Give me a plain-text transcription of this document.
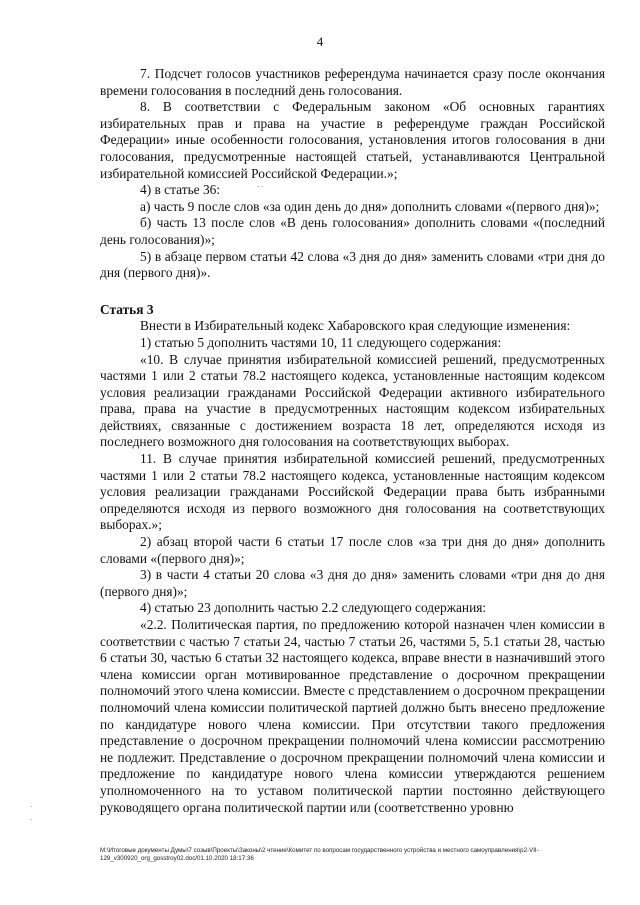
4

7. Подсчет голосов участников референдума начинается сразу после окончания времени голосования в последний день голосования.

8. В соответствии с Федеральным законом «Об основных гарантиях избирательных прав и права на участие в референдуме граждан Российской Федерации» иные особенности голосования, установления итогов голосования в дни голосования, предусмотренные настоящей статьей, устанавливаются Центральной избирательной комиссией Российской Федерации.»;

4) в статье 36:

а) часть 9 после слов «за один день до дня» дополнить словами «(первого дня)»;

б) часть 13 после слов «В день голосования» дополнить словами «(последний день голосования)»;

5) в абзаце первом статьи 42 слова «3 дня до дня» заменить словами «три дня до дня (первого дня)».

Статья 3

Внести в Избирательный кодекс Хабаровского края следующие изменения:

1) статью 5 дополнить частями 10, 11 следующего содержания:

«10. В случае принятия избирательной комиссией решений, предусмотренных частями 1 или 2 статьи 78.2 настоящего кодекса, установленные настоящим кодексом условия реализации гражданами Российской Федерации активного избирательного права, права на участие в предусмотренных настоящим кодексом избирательных действиях, связанные с достижением возраста 18 лет, определяются исходя из последнего возможного дня голосования на соответствующих выборах.

11. В случае принятия избирательной комиссией решений, предусмотренных частями 1 или 2 статьи 78.2 настоящего кодекса, установленные настоящим кодексом условия реализации гражданами Российской Федерации права быть избранными определяются исходя из первого возможного дня голосования на соответствующих выборах.»;

2) абзац второй части 6 статьи 17 после слов «за три дня до дня» дополнить словами «(первого дня)»;

3) в части 4 статьи 20 слова «3 дня до дня» заменить словами «три дня до дня (первого дня)»;

4) статью 23 дополнить частью 2.2 следующего содержания:

«2.2. Политическая партия, по предложению которой назначен член комиссии в соответствии с частью 7 статьи 24, частью 7 статьи 26, частями 5, 5.1 статьи 28, частью 6 статьи 30, частью 6 статьи 32 настоящего кодекса, вправе внести в назначивший этого члена комиссии орган мотивированное представление о досрочном прекращении полномочий этого члена комиссии. Вместе с представлением о досрочном прекращении полномочий члена комиссии политической партией должно быть внесено предложение по кандидатуре нового члена комиссии. При отсутствии такого предложения представление о досрочном прекращении полномочий члена комиссии рассмотрению не подлежит. Представление о досрочном прекращении полномочий члена комиссии и предложение по кандидатуре нового члена комиссии утверждаются решением уполномоченного на то уставом политической партии постоянно действующего руководящего органа политической партии или (соответственно уровню

· ·
·
·
M:\Итоговые документы Думы\7 созыв\Проекты\Законы\2 чтение\Комитет по вопросам государственного устройства и местного самоуправления\p2-VII-129_v300920_org_gosstroy02.doc/01.10.2020 18:17:36
